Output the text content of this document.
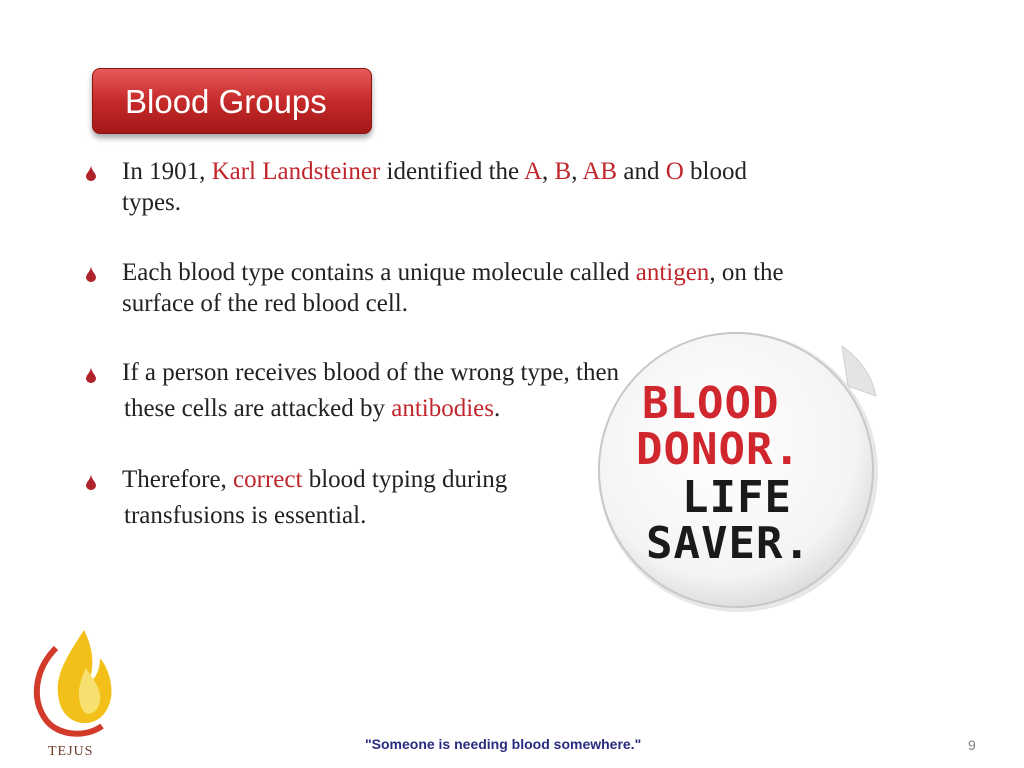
Blood Groups
In 1901, Karl Landsteiner identified the A, B, AB and O blood
types.
Each blood type contains a unique molecule called antigen, on the
surface of the red blood cell.
If a person receives blood of the wrong type, then
these cells are attacked by antibodies.
Therefore, correct blood typing during
transfusions is essential.
BLOOD
DONOR.
LIFE
SAVER.
TEJUS	"Someone is needing blood somewhere."	9
